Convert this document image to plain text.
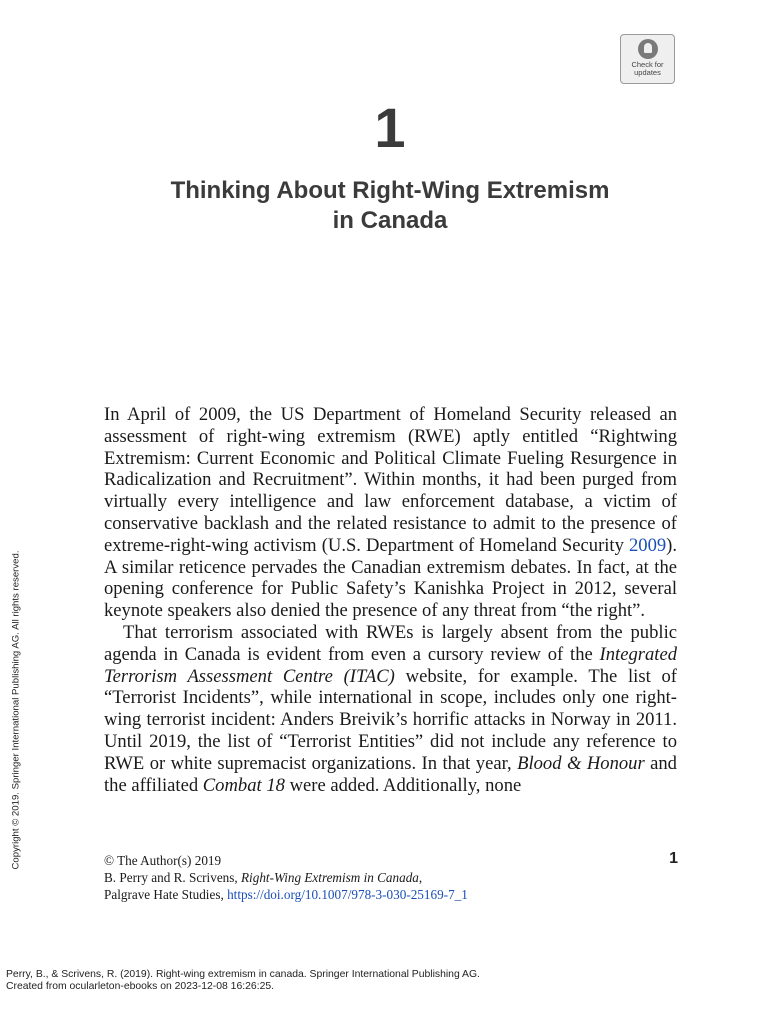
Check for
updates
1
Thinking About Right-Wing Extremism
in Canada

In April of 2009, the US Department of Homeland Security released an assessment of right-wing extremism (RWE) aptly entitled “Rightwing Extremism: Current Economic and Political Climate Fueling Resurgence in Radicalization and Recruitment”. Within months, it had been purged from virtually every intelligence and law enforcement database, a victim of conservative backlash and the related resistance to admit to the presence of extreme-right-wing activism (U.S. Department of Homeland Security 2009). A similar reticence pervades the Canadian extremism debates. In fact, at the opening conference for Public Safety’s Kanishka Project in 2012, several keynote speakers also denied the presence of any threat from “the right”.

That terrorism associated with RWEs is largely absent from the public agenda in Canada is evident from even a cursory review of the Integrated Terrorism Assessment Centre (ITAC) website, for example. The list of “Terrorist Incidents”, while international in scope, includes only one right-wing terrorist incident: Anders Breivik’s horrific attacks in Norway in 2011. Until 2019, the list of “Terrorist Entities” did not include any reference to RWE or white supremacist organizations. In that year, Blood & Honour and the affiliated Combat 18 were added. Additionally, none

Copyright © 2019. Springer International Publishing AG. All rights reserved.	© The Author(s) 2019
B. Perry and R. Scrivens, Right-Wing Extremism in Canada,
Palgrave Hate Studies, https://doi.org/10.1007/978-3-030-25169-7_1
1
Perry, B., & Scrivens, R. (2019). Right-wing extremism in canada. Springer International Publishing AG.
Created from ocularleton-ebooks on 2023-12-08 16:26:25.
